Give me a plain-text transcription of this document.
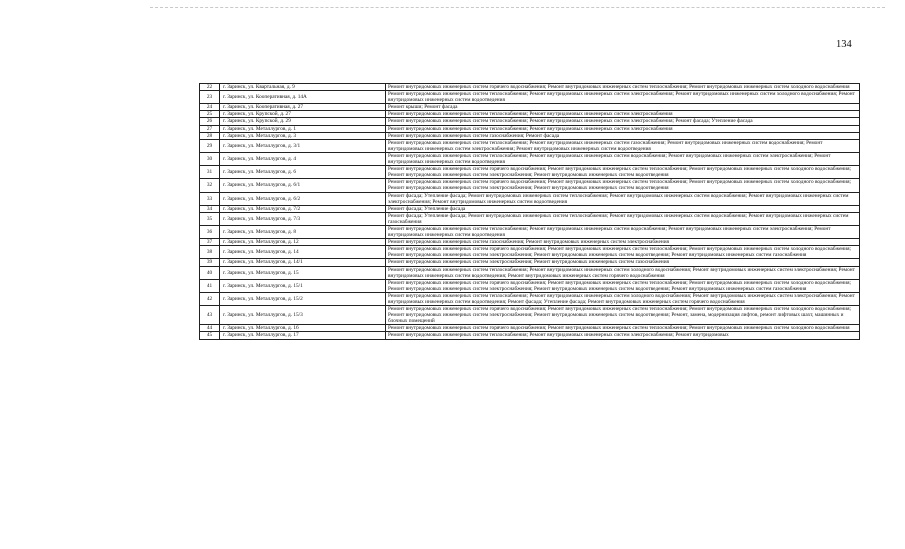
134
22	г. Заринск, ул. Квартальная, д. 9	Ремонт внутридомовых инженерных систем горячего водоснабжения; Ремонт внутридомовых инженерных систем теплоснабжения; Ремонт внутридомовых инженерных систем холодного водоснабжения
23	г. Заринск, ул. Кооперативная, д. 14А	Ремонт внутридомовых инженерных систем теплоснабжения; Ремонт внутридомовых инженерных систем электроснабжения; Ремонт внутридомовых инженерных систем холодного водоснабжения; Ремонт внутридомовых инженерных систем водоотведения
24	г. Заринск, ул. Кооперативная, д. 27	Ремонт крыши; Ремонт фасада
25	г. Заринск, ул. Крупской, д. 27	Ремонт внутридомовых инженерных систем теплоснабжения; Ремонт внутридомовых инженерных систем электроснабжения
26	г. Заринск, ул. Крупской, д. 29	Ремонт внутридомовых инженерных систем теплоснабжения; Ремонт внутридомовых инженерных систем электроснабжения; Ремонт фасада; Утепление фасада
27	г. Заринск, ул. Металлургов, д. 1	Ремонт внутридомовых инженерных систем теплоснабжения; Ремонт внутридомовых инженерных систем электроснабжения
28	г. Заринск, ул. Металлургов, д. 3	Ремонт внутридомовых инженерных систем газоснабжения; Ремонт фасада
29	г. Заринск, ул. Металлургов, д. 3/1	Ремонт внутридомовых инженерных систем теплоснабжения; Ремонт внутридомовых инженерных систем газоснабжения; Ремонт внутридомовых инженерных систем водоснабжения; Ремонт внутридомовых инженерных систем электроснабжения; Ремонт внутридомовых инженерных систем водоотведения
30	г. Заринск, ул. Металлургов, д. 4	Ремонт внутридомовых инженерных систем теплоснабжения; Ремонт внутридомовых инженерных систем водоснабжения; Ремонт внутридомовых инженерных систем электроснабжения; Ремонт внутридомовых инженерных систем водоотведения
31	г. Заринск, ул. Металлургов, д. 6	Ремонт внутридомовых инженерных систем горячего водоснабжения; Ремонт внутридомовых инженерных систем теплоснабжения; Ремонт внутридомовых инженерных систем холодного водоснабжения; Ремонт внутридомовых инженерных систем электроснабжения; Ремонт внутридомовых инженерных систем водоотведения
32	г. Заринск, ул. Металлургов, д. 6/1	Ремонт внутридомовых инженерных систем горячего водоснабжения; Ремонт внутридомовых инженерных систем теплоснабжения; Ремонт внутридомовых инженерных систем холодного водоснабжения; Ремонт внутридомовых инженерных систем электроснабжения; Ремонт внутридомовых инженерных систем водоотведения
33	г. Заринск, ул. Металлургов, д. 6/2	Ремонт фасада; Утепление фасада; Ремонт внутридомовых инженерных систем теплоснабжения; Ремонт внутридомовых инженерных систем водоснабжения; Ремонт внутридомовых инженерных систем электроснабжения; Ремонт внутридомовых инженерных систем водоотведения
34	г. Заринск, ул. Металлургов, д. 7/2	Ремонт фасада; Утепление фасада
35	г. Заринск, ул. Металлургов, д. 7/3	Ремонт фасада; Утепление фасада; Ремонт внутридомовых инженерных систем теплоснабжения; Ремонт внутридомовых инженерных систем водоснабжения; Ремонт внутридомовых инженерных систем газоснабжения
36	г. Заринск, ул. Металлургов, д. 8	Ремонт внутридомовых инженерных систем теплоснабжения; Ремонт внутридомовых инженерных систем водоснабжения; Ремонт внутридомовых инженерных систем электроснабжения; Ремонт внутридомовых инженерных систем водоотведения
37	г. Заринск, ул. Металлургов, д. 12	Ремонт внутридомовых инженерных систем газоснабжения; Ремонт внутридомовых инженерных систем электроснабжения
38	г. Заринск, ул. Металлургов, д. 14	Ремонт внутридомовых инженерных систем горячего водоснабжения; Ремонт внутридомовых инженерных систем теплоснабжения; Ремонт внутридомовых инженерных систем холодного водоснабжения; Ремонт внутридомовых инженерных систем электроснабжения; Ремонт внутридомовых инженерных систем водоотведения; Ремонт внутридомовых инженерных систем газоснабжения
39	г. Заринск, ул. Металлургов, д. 14/1	Ремонт внутридомовых инженерных систем электроснабжения; Ремонт внутридомовых инженерных систем газоснабжения
40	г. Заринск, ул. Металлургов, д. 15	Ремонт внутридомовых инженерных систем теплоснабжения; Ремонт внутридомовых инженерных систем холодного водоснабжения; Ремонт внутридомовых инженерных систем электроснабжения; Ремонт внутридомовых инженерных систем водоотведения; Ремонт внутридомовых инженерных систем горячего водоснабжения
41	г. Заринск, ул. Металлургов, д. 15/1	Ремонт внутридомовых инженерных систем горячего водоснабжения; Ремонт внутридомовых инженерных систем теплоснабжения; Ремонт внутридомовых инженерных систем холодного водоснабжения; Ремонт внутридомовых инженерных систем электроснабжения; Ремонт внутридомовых инженерных систем водоотведения; Ремонт внутридомовых инженерных систем газоснабжения
42	г. Заринск, ул. Металлургов, д. 15/2	Ремонт внутридомовых инженерных систем теплоснабжения; Ремонт внутридомовых инженерных систем холодного водоснабжения; Ремонт внутридомовых инженерных систем электроснабжения; Ремонт внутридомовых инженерных систем водоотведения; Ремонт фасада; Утепление фасада; Ремонт внутридомовых инженерных систем горячего водоснабжения
43	г. Заринск, ул. Металлургов, д. 15/3	Ремонт внутридомовых инженерных систем горячего водоснабжения; Ремонт внутридомовых инженерных систем теплоснабжения; Ремонт внутридомовых инженерных систем холодного водоснабжения; Ремонт внутридомовых инженерных систем электроснабжения; Ремонт внутридомовых инженерных систем водоотведения; Ремонт, замена, модернизация лифтов, ремонт лифтовых шахт, машинных и блочных помещений
44	г. Заринск, ул. Металлургов, д. 16	Ремонт внутридомовых инженерных систем горячего водоснабжения; Ремонт внутридомовых инженерных систем теплоснабжения; Ремонт внутридомовых инженерных систем холодного водоснабжения
45	г. Заринск, ул. Металлургов, д. 17	Ремонт внутридомовых инженерных систем теплоснабжения; Ремонт внутридомовых инженерных систем электроснабжения; Ремонт внутридомовых
